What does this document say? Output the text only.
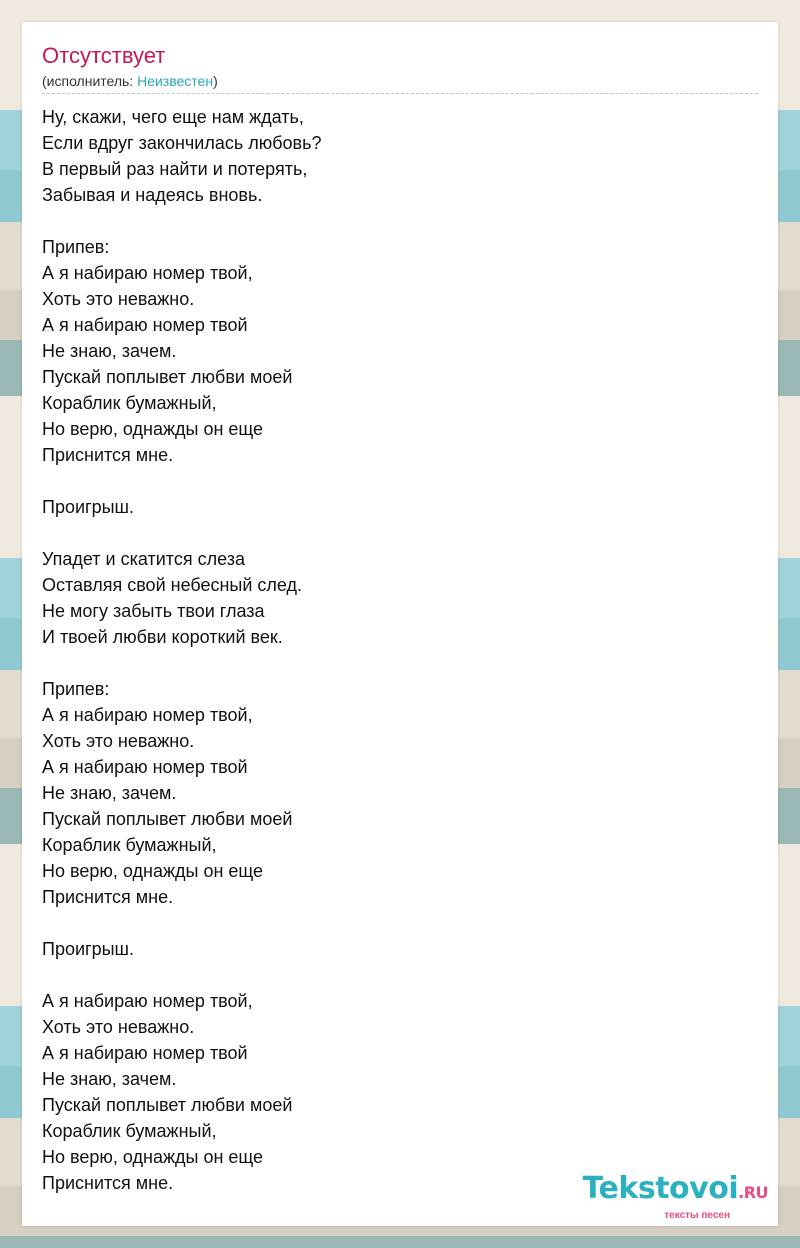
Отсутствует
(исполнитель: Неизвестен)
Ну, скажи, чего еще нам ждать,
Если вдруг закончилась любовь?
В первый раз найти и потерять,
Забывая и надеясь вновь.
Припев:
А я набираю номер твой,
Хоть это неважно.
А я набираю номер твой
Не знаю, зачем.
Пускай поплывет любви моей
Кораблик бумажный,
Но верю, однажды он еще
Приснится мне.
Проигрыш.
Упадет и скатится слеза
Оставляя свой небесный след.
Не могу забыть твои глаза
И твоей любви короткий век.
Припев:
А я набираю номер твой,
Хоть это неважно.
А я набираю номер твой
Не знаю, зачем.
Пускай поплывет любви моей
Кораблик бумажный,
Но верю, однажды он еще
Приснится мне.
Проигрыш.
А я набираю номер твой,
Хоть это неважно.
А я набираю номер твой
Не знаю, зачем.
Пускай поплывет любви моей
Кораблик бумажный,
Но верю, однажды он еще
Приснится мне.	Tekstovoi.RU
тексты песен
